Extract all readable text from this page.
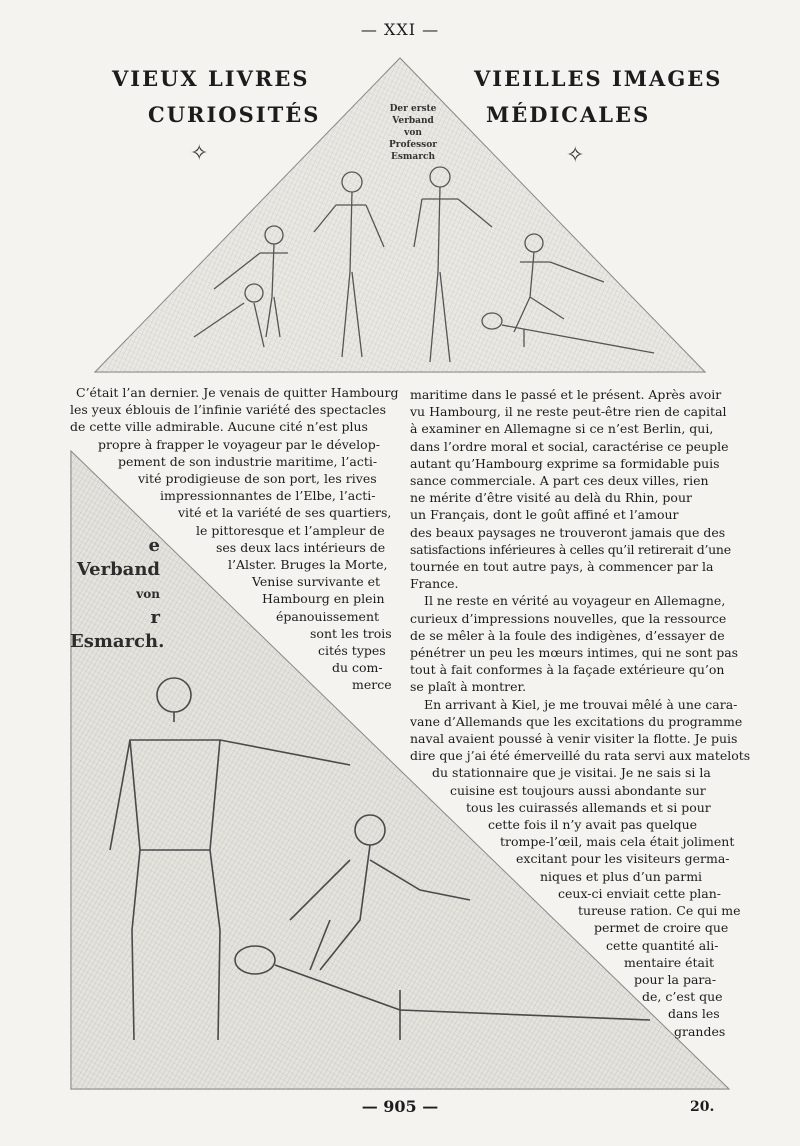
— XXI —
VIEUX LIVRES
CURIOSITÉS
VIEILLES IMAGES
MÉDICALES
✧	✧
Der erste Verband
von
Professor Esmarch
e Verband
von
r Esmarch.
C’était l’an dernier. Je venais de quitter Hambourg
les yeux éblouis de l’infinie variété des spectacles
de cette ville admirable. Aucune cité n’est plus
propre à frapper le voyageur par le dévelop-
pement de son industrie maritime, l’acti-
vité prodigieuse de son port, les rives
impressionnantes de l’Elbe, l’acti-
vité et la variété de ses quartiers,
le pittoresque et l’ampleur de
ses deux lacs intérieurs de
l’Alster. Bruges la Morte,
Venise survivante et
Hambourg en plein
épanouissement
sont les trois
cités types
du com-
merce
maritime dans le passé et le présent. Après avoir
vu Hambourg, il ne reste peut-être rien de capital
à examiner en Allemagne si ce n’est Berlin, qui,
dans l’ordre moral et social, caractérise ce peuple
autant qu’Hambourg exprime sa formidable puis
sance commerciale. A part ces deux villes, rien
ne mérite d’être visité au delà du Rhin, pour
un Français, dont le goût affiné et l’amour
des beaux paysages ne trouveront jamais que des
satisfactions inférieures à celles qu’il retirerait d’une
tournée en tout autre pays, à commencer par la
France.
Il ne reste en vérité au voyageur en Allemagne,
curieux d’impressions nouvelles, que la ressource
de se mêler à la foule des indigènes, d’essayer de
pénétrer un peu les mœurs intimes, qui ne sont pas
tout à fait conformes à la façade extérieure qu’on
se plaît à montrer.
En arrivant à Kiel, je me trouvai mêlé à une cara-
vane d’Allemands que les excitations du programme
naval avaient poussé à venir visiter la flotte. Je puis
dire que j’ai été émerveillé du rata servi aux matelots
du stationnaire que je visitai. Je ne sais si la
cuisine est toujours aussi abondante sur
tous les cuirassés allemands et si pour
cette fois il n’y avait pas quelque
trompe-l’œil, mais cela était joliment
excitant pour les visiteurs germa-
niques et plus d’un parmi
ceux-ci enviait cette plan-
tureuse ration. Ce qui me
permet de croire que
cette quantité ali-
mentaire était
pour la para-
de, c’est que
dans les
grandes
— 905 —	20.
